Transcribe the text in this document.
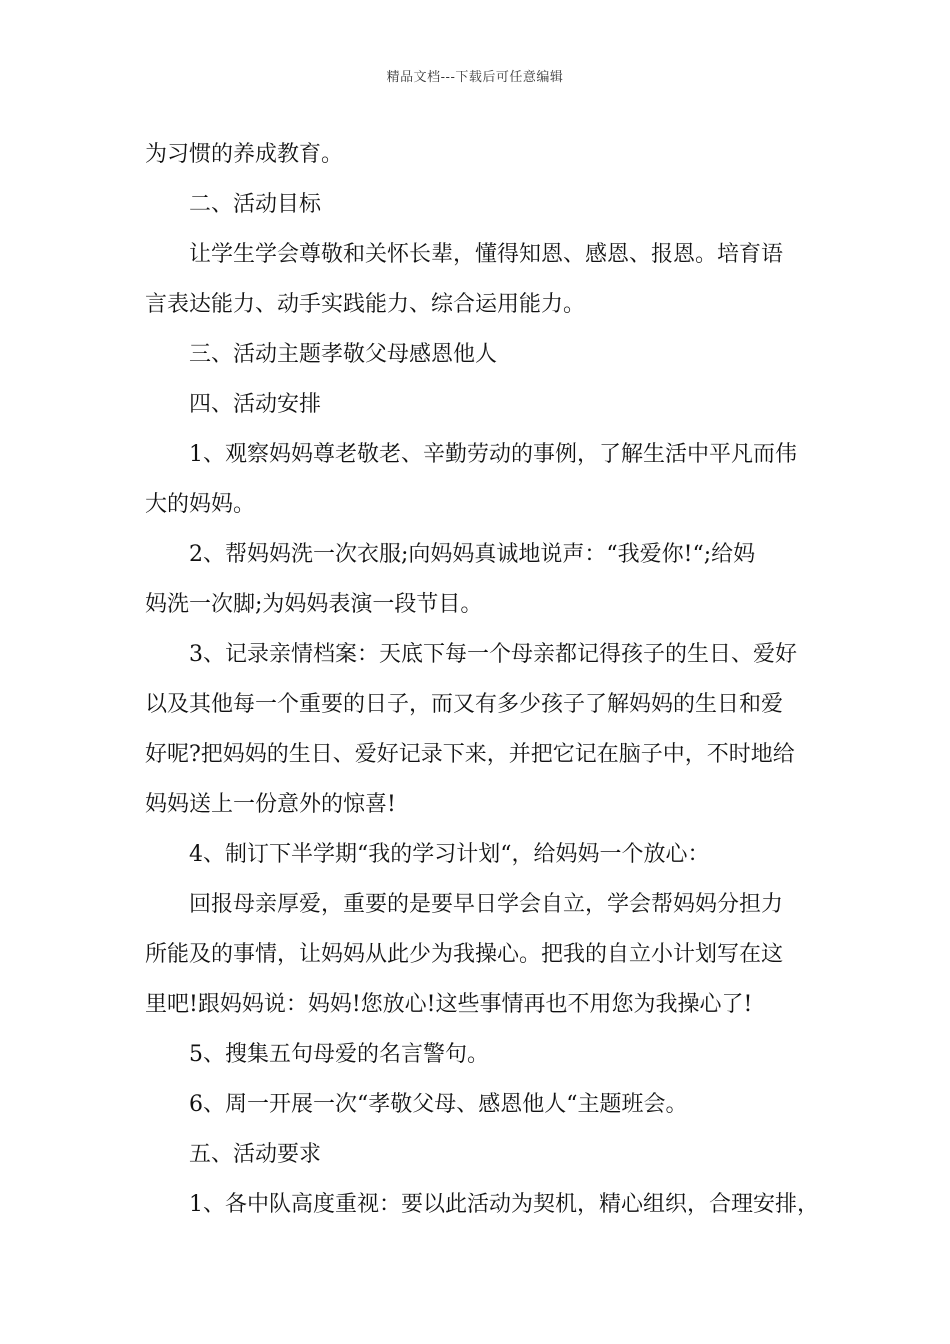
精品文档---下载后可任意编辑
为习惯的养成教育。
二、活动目标
让学生学会尊敬和关怀长辈，懂得知恩、感恩、报恩。培育语
言表达能力、动手实践能力、综合运用能力。
三、活动主题孝敬父母感恩他人
四、活动安排
1、观察妈妈尊老敬老、辛勤劳动的事例，了解生活中平凡而伟
大的妈妈。
2、帮妈妈洗一次衣服;向妈妈真诚地说声：“我爱你!“;给妈
妈洗一次脚;为妈妈表演一段节目。
3、记录亲情档案：天底下每一个母亲都记得孩子的生日、爱好
以及其他每一个重要的日子，而又有多少孩子了解妈妈的生日和爱
好呢?把妈妈的生日、爱好记录下来，并把它记在脑子中，不时地给
妈妈送上一份意外的惊喜!
4、制订下半学期“我的学习计划“，给妈妈一个放心：
回报母亲厚爱，重要的是要早日学会自立，学会帮妈妈分担力
所能及的事情，让妈妈从此少为我操心。把我的自立小计划写在这
里吧!跟妈妈说：妈妈!您放心!这些事情再也不用您为我操心了!
5、搜集五句母爱的名言警句。
6、周一开展一次“孝敬父母、感恩他人“主题班会。
五、活动要求
1、各中队高度重视：要以此活动为契机，精心组织，合理安排，
